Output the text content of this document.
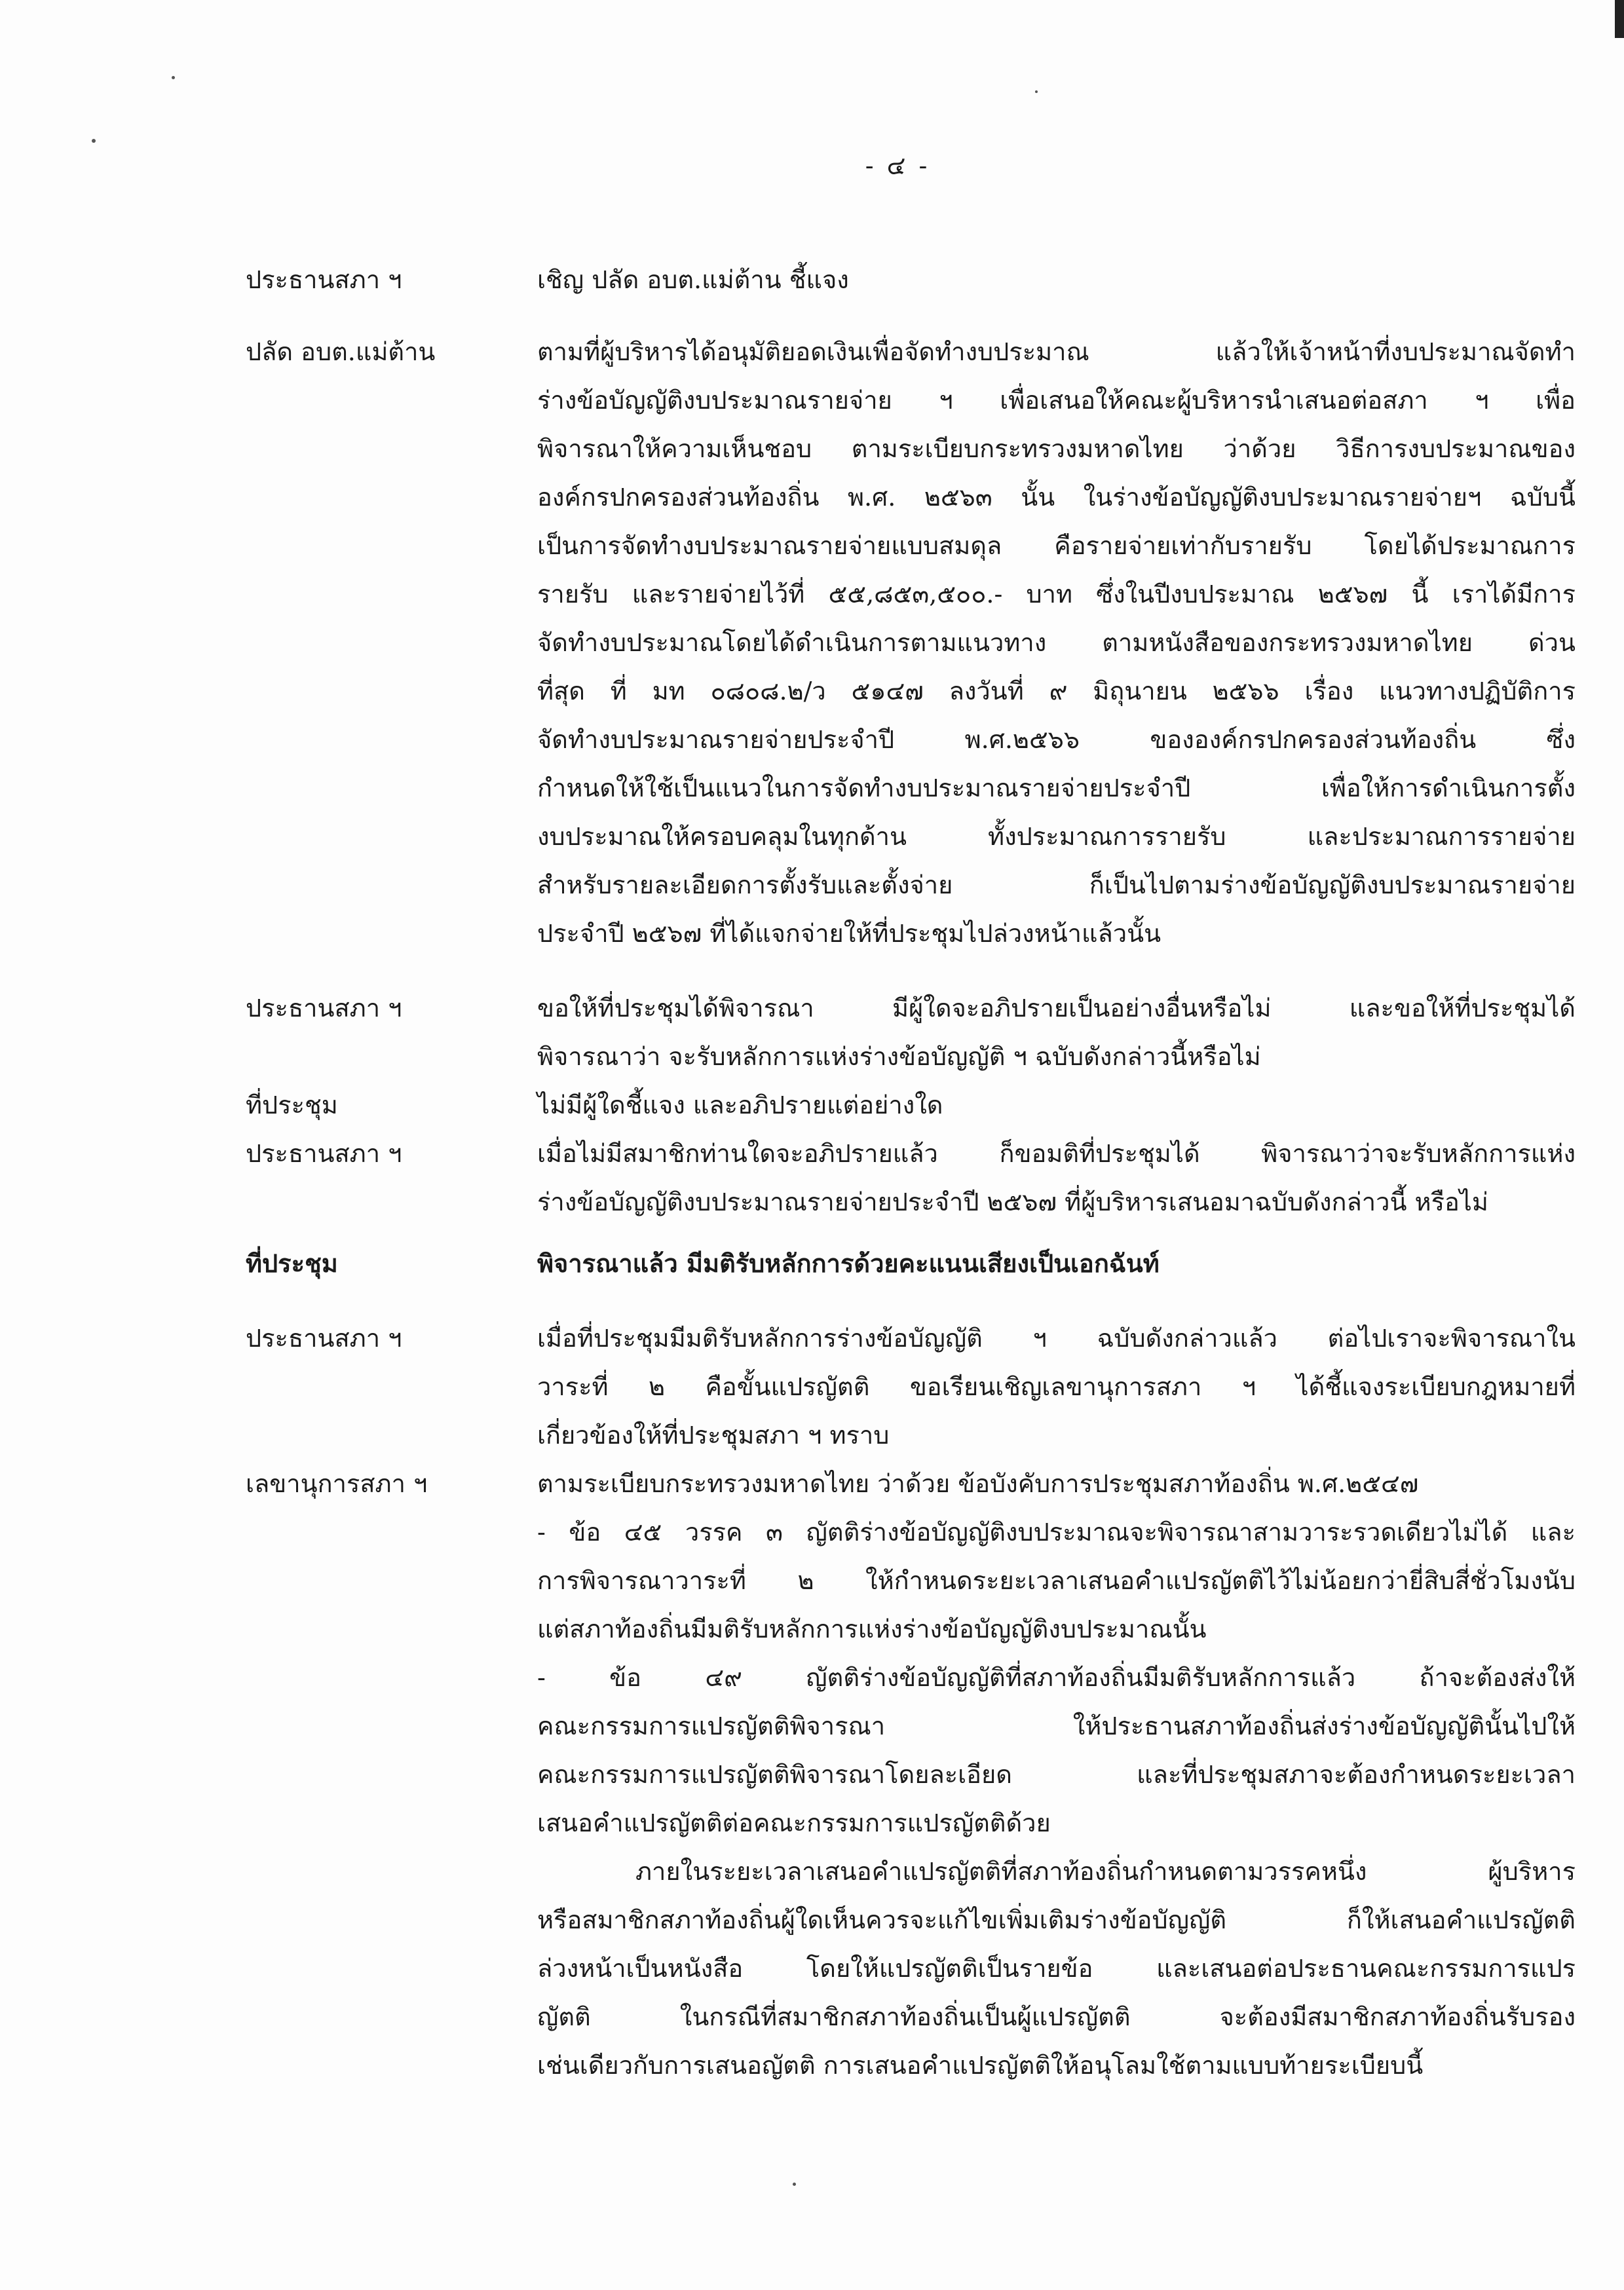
- ๔ -
ประธานสภา ฯ	เชิญ ปลัด อบต.แม่ต้าน ชี้แจง
ปลัด อบต.แม่ต้าน	ตามที่ผู้บริหารได้อนุมัติยอดเงินเพื่อจัดทำงบประมาณ แล้วให้เจ้าหน้าที่งบประมาณจัดทำ
ร่างข้อบัญญัติงบประมาณรายจ่าย ฯ เพื่อเสนอให้คณะผู้บริหารนำเสนอต่อสภา ฯ เพื่อ
พิจารณาให้ความเห็นชอบ ตามระเบียบกระทรวงมหาดไทย ว่าด้วย วิธีการงบประมาณของ
องค์กรปกครองส่วนท้องถิ่น พ.ศ. ๒๕๖๓ นั้น ในร่างข้อบัญญัติงบประมาณรายจ่ายฯ ฉบับนี้
เป็นการจัดทำงบประมาณรายจ่ายแบบสมดุล คือรายจ่ายเท่ากับรายรับ โดยได้ประมาณการ
รายรับ และรายจ่ายไว้ที่ ๕๕,๘๕๓,๕๐๐.- บาท ซึ่งในปีงบประมาณ ๒๕๖๗ นี้ เราได้มีการ
จัดทำงบประมาณโดยได้ดำเนินการตามแนวทาง ตามหนังสือของกระทรวงมหาดไทย ด่วน
ที่สุด ที่ มท ๐๘๐๘.๒/ว ๕๑๔๗ ลงวันที่ ๙ มิถุนายน ๒๕๖๖ เรื่อง แนวทางปฏิบัติการ
จัดทำงบประมาณรายจ่ายประจำปี พ.ศ.๒๕๖๖ ขององค์กรปกครองส่วนท้องถิ่น ซึ่ง
กำหนดให้ใช้เป็นแนวในการจัดทำงบประมาณรายจ่ายประจำปี เพื่อให้การดำเนินการตั้ง
งบประมาณให้ครอบคลุมในทุกด้าน ทั้งประมาณการรายรับ และประมาณการรายจ่าย
สำหรับรายละเอียดการตั้งรับและตั้งจ่าย ก็เป็นไปตามร่างข้อบัญญัติงบประมาณรายจ่าย
ประจำปี ๒๕๖๗ ที่ได้แจกจ่ายให้ที่ประชุมไปล่วงหน้าแล้วนั้น
ประธานสภา ฯ	ขอให้ที่ประชุมได้พิจารณา มีผู้ใดจะอภิปรายเป็นอย่างอื่นหรือไม่ และขอให้ที่ประชุมได้
พิจารณาว่า จะรับหลักการแห่งร่างข้อบัญญัติ ฯ ฉบับดังกล่าวนี้หรือไม่
ที่ประชุม	ไม่มีผู้ใดชี้แจง และอภิปรายแต่อย่างใด
ประธานสภา ฯ	เมื่อไม่มีสมาชิกท่านใดจะอภิปรายแล้ว ก็ขอมติที่ประชุมได้ พิจารณาว่าจะรับหลักการแห่ง
ร่างข้อบัญญัติงบประมาณรายจ่ายประจำปี ๒๕๖๗ ที่ผู้บริหารเสนอมาฉบับดังกล่าวนี้ หรือไม่
ที่ประชุม	พิจารณาแล้ว มีมติรับหลักการด้วยคะแนนเสียงเป็นเอกฉันท์
ประธานสภา ฯ	เมื่อที่ประชุมมีมติรับหลักการร่างข้อบัญญัติ ฯ ฉบับดังกล่าวแล้ว ต่อไปเราจะพิจารณาใน
วาระที่ ๒ คือขั้นแปรญัตติ ขอเรียนเชิญเลขานุการสภา ฯ ได้ชี้แจงระเบียบกฎหมายที่
เกี่ยวข้องให้ที่ประชุมสภา ฯ ทราบ
เลขานุการสภา ฯ	ตามระเบียบกระทรวงมหาดไทย ว่าด้วย ข้อบังคับการประชุมสภาท้องถิ่น พ.ศ.๒๕๔๗
- ข้อ ๔๕ วรรค ๓ ญัตติร่างข้อบัญญัติงบประมาณจะพิจารณาสามวาระรวดเดียวไม่ได้ และ
การพิจารณาวาระที่ ๒ ให้กำหนดระยะเวลาเสนอคำแปรญัตติไว้ไม่น้อยกว่ายี่สิบสี่ชั่วโมงนับ
แต่สภาท้องถิ่นมีมติรับหลักการแห่งร่างข้อบัญญัติงบประมาณนั้น
- ข้อ ๔๙ ญัตติร่างข้อบัญญัติที่สภาท้องถิ่นมีมติรับหลักการแล้ว ถ้าจะต้องส่งให้
คณะกรรมการแปรญัตติพิจารณา ให้ประธานสภาท้องถิ่นส่งร่างข้อบัญญัตินั้นไปให้
คณะกรรมการแปรญัตติพิจารณาโดยละเอียด และที่ประชุมสภาจะต้องกำหนดระยะเวลา
เสนอคำแปรญัตติต่อคณะกรรมการแปรญัตติด้วย
ภายในระยะเวลาเสนอคำแปรญัตติที่สภาท้องถิ่นกำหนดตามวรรคหนึ่ง ผู้บริหาร
หรือสมาชิกสภาท้องถิ่นผู้ใดเห็นควรจะแก้ไขเพิ่มเติมร่างข้อบัญญัติ ก็ให้เสนอคำแปรญัตติ
ล่วงหน้าเป็นหนังสือ โดยให้แปรญัตติเป็นรายข้อ และเสนอต่อประธานคณะกรรมการแปร
ญัตติ ในกรณีที่สมาชิกสภาท้องถิ่นเป็นผู้แปรญัตติ จะต้องมีสมาชิกสภาท้องถิ่นรับรอง
เช่นเดียวกับการเสนอญัตติ การเสนอคำแปรญัตติให้อนุโลมใช้ตามแบบท้ายระเบียบนี้
